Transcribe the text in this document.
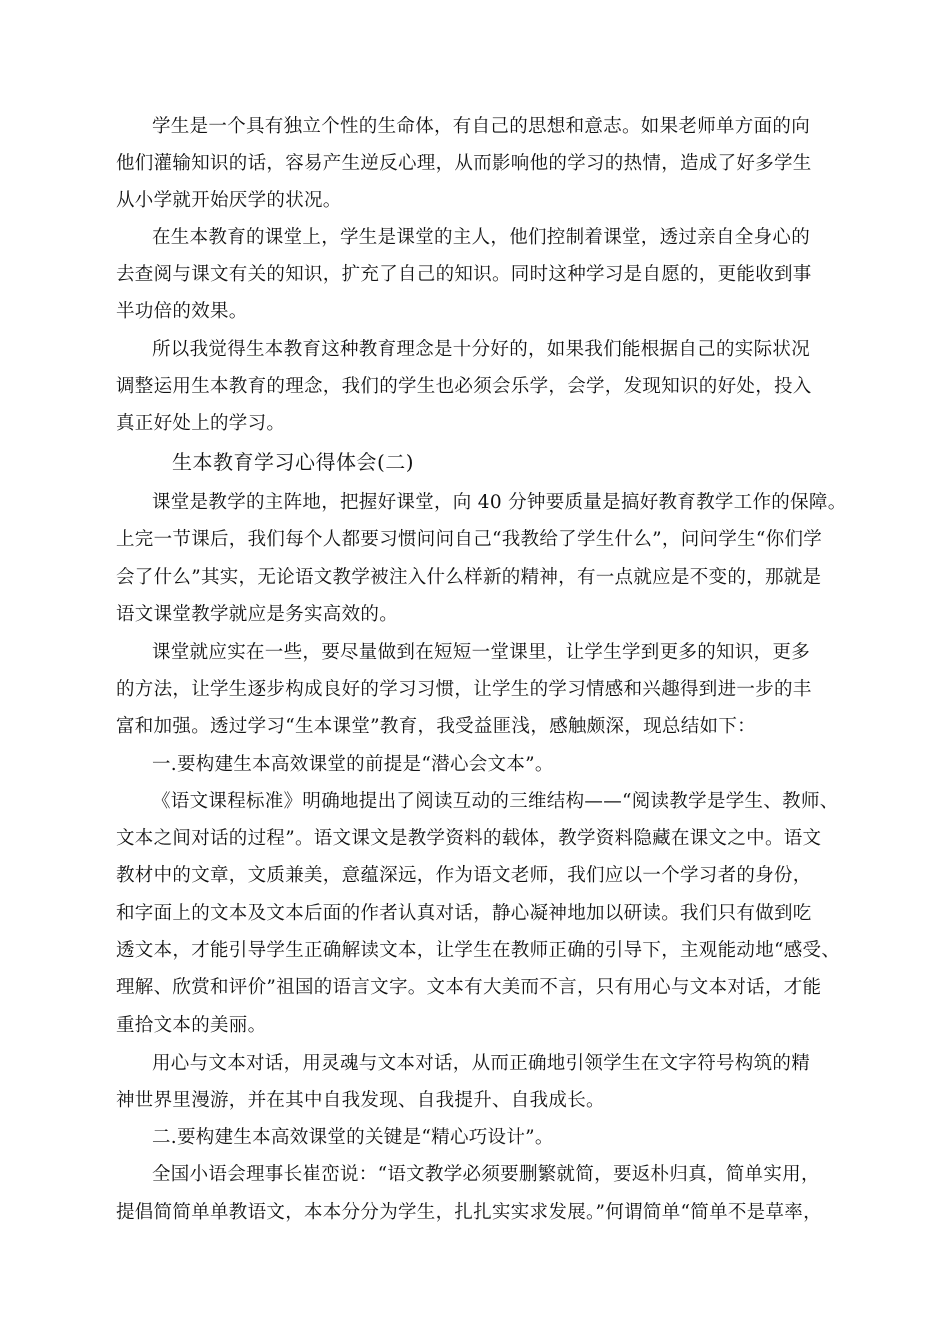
学生是一个具有独立个性的生命体，有自己的思想和意志。如果老师单方面的向
他们灌输知识的话，容易产生逆反心理，从而影响他的学习的热情，造成了好多学生
从小学就开始厌学的状况。
在生本教育的课堂上，学生是课堂的主人，他们控制着课堂，透过亲自全身心的
去查阅与课文有关的知识，扩充了自己的知识。同时这种学习是自愿的，更能收到事
半功倍的效果。
所以我觉得生本教育这种教育理念是十分好的，如果我们能根据自己的实际状况
调整运用生本教育的理念，我们的学生也必须会乐学，会学，发现知识的好处，投入
真正好处上的学习。
生本教育学习心得体会(二)
课堂是教学的主阵地，把握好课堂，向 40 分钟要质量是搞好教育教学工作的保障。
上完一节课后，我们每个人都要习惯问问自己“我教给了学生什么”，问问学生“你们学
会了什么”其实，无论语文教学被注入什么样新的精神，有一点就应是不变的，那就是
语文课堂教学就应是务实高效的。
课堂就应实在一些，要尽量做到在短短一堂课里，让学生学到更多的知识，更多
的方法，让学生逐步构成良好的学习习惯，让学生的学习情感和兴趣得到进一步的丰
富和加强。透过学习“生本课堂”教育，我受益匪浅，感触颇深，现总结如下：
一.要构建生本高效课堂的前提是“潜心会文本”。
《语文课程标准》明确地提出了阅读互动的三维结构——“阅读教学是学生、教师、
文本之间对话的过程”。语文课文是教学资料的载体，教学资料隐藏在课文之中。语文
教材中的文章，文质兼美，意蕴深远，作为语文老师，我们应以一个学习者的身份，
和字面上的文本及文本后面的作者认真对话，静心凝神地加以研读。我们只有做到吃
透文本，才能引导学生正确解读文本，让学生在教师正确的引导下，主观能动地“感受、
理解、欣赏和评价”祖国的语言文字。文本有大美而不言，只有用心与文本对话，才能
重拾文本的美丽。
用心与文本对话，用灵魂与文本对话，从而正确地引领学生在文字符号构筑的精
神世界里漫游，并在其中自我发现、自我提升、自我成长。
二.要构建生本高效课堂的关键是“精心巧设计”。
全国小语会理事长崔峦说：“语文教学必须要删繁就简，要返朴归真，简单实用，
提倡简简单单教语文，本本分分为学生，扎扎实实求发展。”何谓简单“简单不是草率，
